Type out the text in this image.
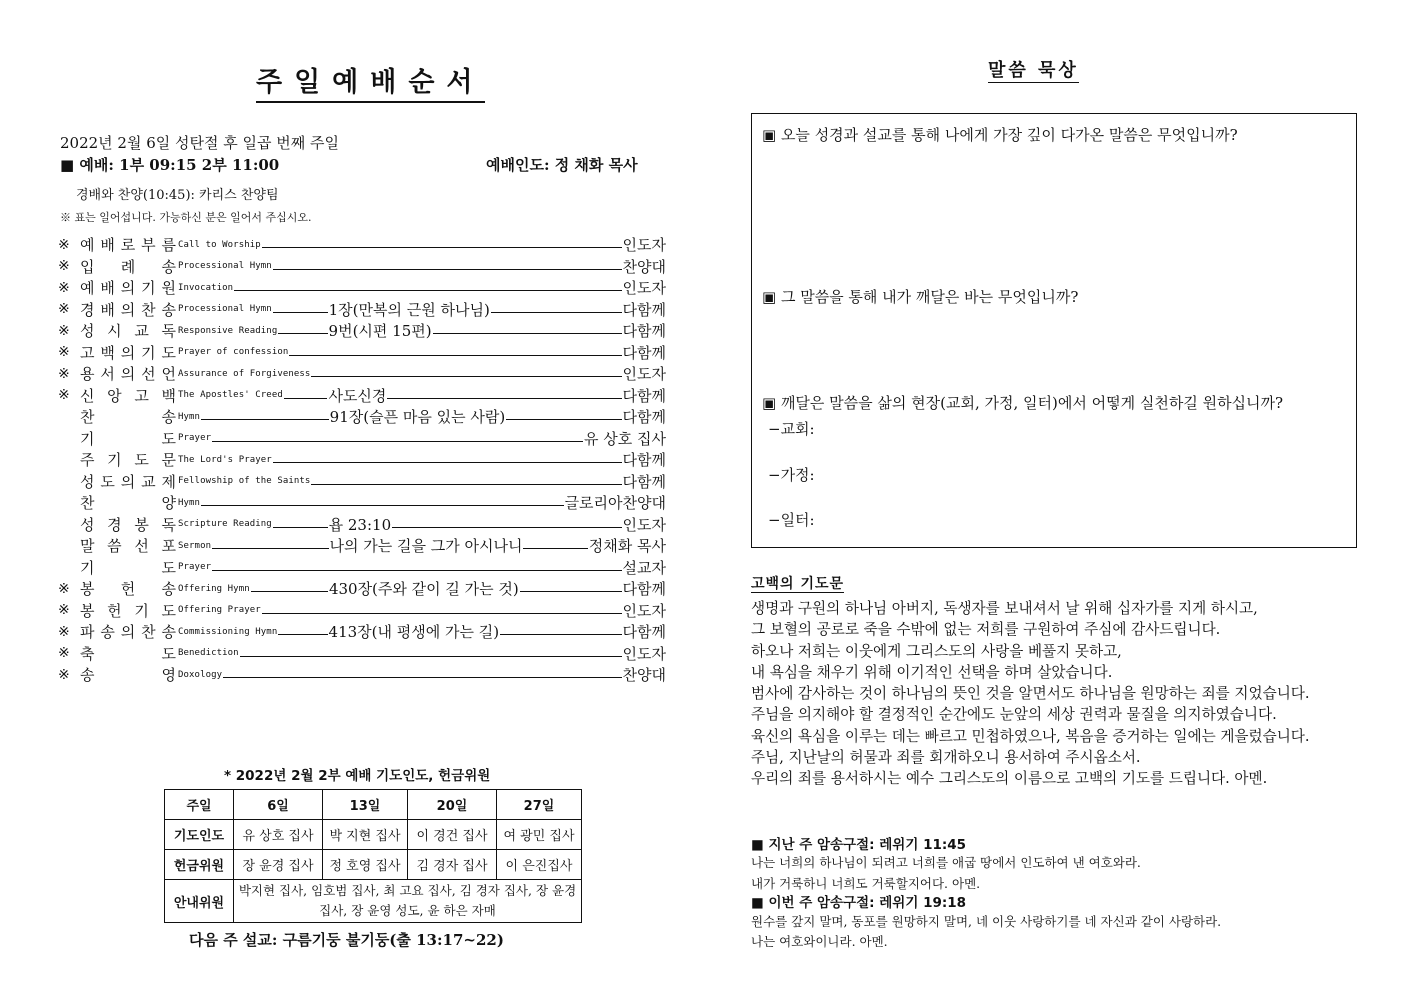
주일예배순서
2022년 2월 6일 성탄절 후 일곱 번째 주일
■ 예배: 1부 09:15 2부 11:00	예배인도: 정 채화 목사
경배와 찬양(10:45): 카리스 찬양팀
※ 표는 일어섭니다. 가능하신 분은 일어서 주십시오.
※ 예 배 로 부 름 Call to Worship	인도자
※ 입 례 송 Processional Hymn	찬양대
※ 예 배 의 기 원 Invocation	인도자
※ 경 배 의 찬 송 Processional Hymn	1장(만복의 근원 하나님)	다함께
※ 성 시 교 독 Responsive Reading	9번(시편 15편)	다함께
※ 고 백 의 기 도 Prayer of confession	다함께
※ 용 서 의 선 언 Assurance of Forgiveness	인도자
※ 신 앙 고 백 The Apostles' Creed	사도신경	다함께
찬	송 Hymn	91장(슬픈 마음 있는 사람)	다함께
기	도 Prayer	유 상호 집사
주 기 도 문 The Lord's Prayer	다함께
성 도 의 교 제 Fellowship of the Saints	다함께
찬	양 Hymn	글로리아찬양대
성 경 봉 독 Scripture Reading	욥 23:10	인도자
말 씀 선 포 Sermon	나의 가는 길을 그가 아시나니	정채화 목사
기	도 Prayer	설교자
※ 봉 헌 송 Offering Hymn	430장(주와 같이 길 가는 것)	다함께
※ 봉 헌 기 도 Offering Prayer	인도자
※ 파 송 의 찬 송 Commissioning Hymn	413장(내 평생에 가는 길)	다함께
※ 축	도 Benediction	인도자
※ 송	영 Doxology	찬양대
* 2022년 2월 2부 예배 기도인도, 헌금위원
주일	6일	13일	20일	27일
기도인도	유 상호 집사	박 지현 집사	이 경건 집사	여 광민 집사
헌금위원	장 윤경 집사	정 호영 집사	김 경자 집사	이 은진집사
안내위원	박지현 집사, 임호범 집사, 최 고요 집사, 김 경자 집사, 장 윤경 집사, 장 윤영 성도, 윤 하은 자매			
다음 주 설교: 구름기둥 불기둥(출 13:17~22)
말씀 묵상
▣ 오늘 성경과 설교를 통해 나에게 가장 깊이 다가온 말씀은 무엇입니까?
▣ 그 말씀을 통해 내가 깨달은 바는 무엇입니까?
▣ 깨달은 말씀을 삶의 현장(교회, 가정, 일터)에서 어떻게 실천하길 원하십니까?
−교회:
−가정:
−일터:
고백의 기도문
생명과 구원의 하나님 아버지, 독생자를 보내셔서 날 위해 십자가를 지게 하시고,
그 보혈의 공로로 죽을 수밖에 없는 저희를 구원하여 주심에 감사드립니다.
하오나 저희는 이웃에게 그리스도의 사랑을 베풀지 못하고,
내 욕심을 채우기 위해 이기적인 선택을 하며 살았습니다.
범사에 감사하는 것이 하나님의 뜻인 것을 알면서도 하나님을 원망하는 죄를 지었습니다.
주님을 의지해야 할 결정적인 순간에도 눈앞의 세상 권력과 물질을 의지하였습니다.
육신의 욕심을 이루는 데는 빠르고 민첩하였으나, 복음을 증거하는 일에는 게을렀습니다.
주님, 지난날의 허물과 죄를 회개하오니 용서하여 주시옵소서.
우리의 죄를 용서하시는 예수 그리스도의 이름으로 고백의 기도를 드립니다. 아멘.
■ 지난 주 암송구절: 레위기 11:45
나는 너희의 하나님이 되려고 너희를 애굽 땅에서 인도하여 낸 여호와라.
내가 거룩하니 너희도 거룩할지어다. 아멘.
■ 이번 주 암송구절: 레위기 19:18
원수를 갚지 말며, 동포를 원망하지 말며, 네 이웃 사랑하기를 네 자신과 같이 사랑하라.
나는 여호와이니라. 아멘.
